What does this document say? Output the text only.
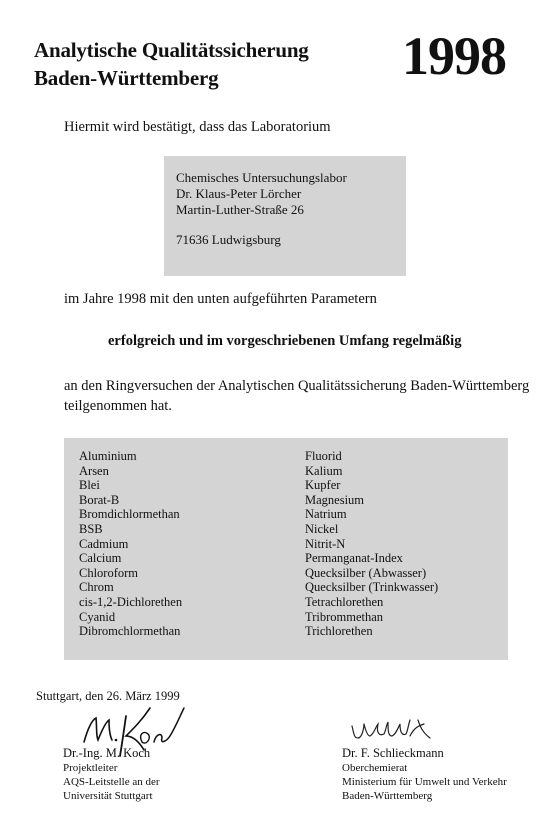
Analytische Qualitätssicherung
Baden-Württemberg	1998
Hiermit wird bestätigt, dass das Laboratorium
Chemisches Untersuchungslabor
Dr. Klaus-Peter Lörcher
Martin-Luther-Straße 26
71636 Ludwigsburg
im Jahre 1998 mit den unten aufgeführten Parametern
erfolgreich und im vorgeschriebenen Umfang regelmäßig
an den Ringversuchen der Analytischen Qualitätssicherung Baden-Württemberg
teilgenommen hat.
Aluminium
Arsen
Blei
Borat-B
Bromdichlormethan
BSB
Cadmium
Calcium
Chloroform
Chrom
cis-1,2-Dichlorethen
Cyanid
Dibromchlormethan
Fluorid
Kalium
Kupfer
Magnesium
Natrium
Nickel
Nitrit-N
Permanganat-Index
Quecksilber (Abwasser)
Quecksilber (Trinkwasser)
Tetrachlorethen
Tribrommethan
Trichlorethen
Stuttgart, den 26. März 1999
Dr.-Ing. M. Koch
Projektleiter
AQS-Leitstelle an der
Universität Stuttgart
Dr. F. Schlieckmann
Oberchemierat
Ministerium für Umwelt und Verkehr
Baden-Württemberg
